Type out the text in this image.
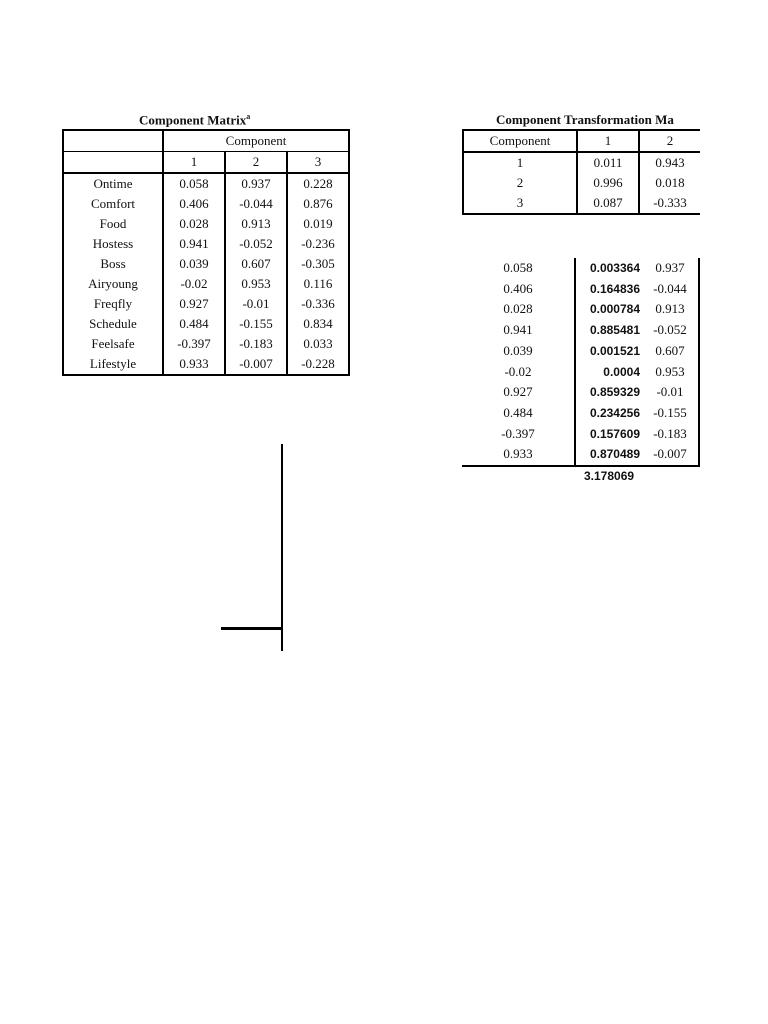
Component Matrix$^a$
	Component		
	1	2	3
Ontime	0.058	0.937	0.228
Comfort	0.406	-0.044	0.876
Food	0.028	0.913	0.019
Hostess	0.941	-0.052	-0.236
Boss	0.039	0.607	-0.305
Airyoung	-0.02	0.953	0.116
Freqfly	0.927	-0.01	-0.336
Schedule	0.484	-0.155	0.834
Feelsafe	-0.397	-0.183	0.033
Lifestyle	0.933	-0.007	-0.228
Component Transformation Ma
Component	1	2
1	0.011	0.943
2	0.996	0.018
3	0.087	-0.333
0.058	0.003364	0.937
0.406	0.164836	-0.044
0.028	0.000784	0.913
0.941	0.885481	-0.052
0.039	0.001521	0.607
-0.02	0.0004	0.953
0.927	0.859329	-0.01
0.484	0.234256	-0.155
-0.397	0.157609	-0.183
0.933	0.870489	-0.007
3.178069
